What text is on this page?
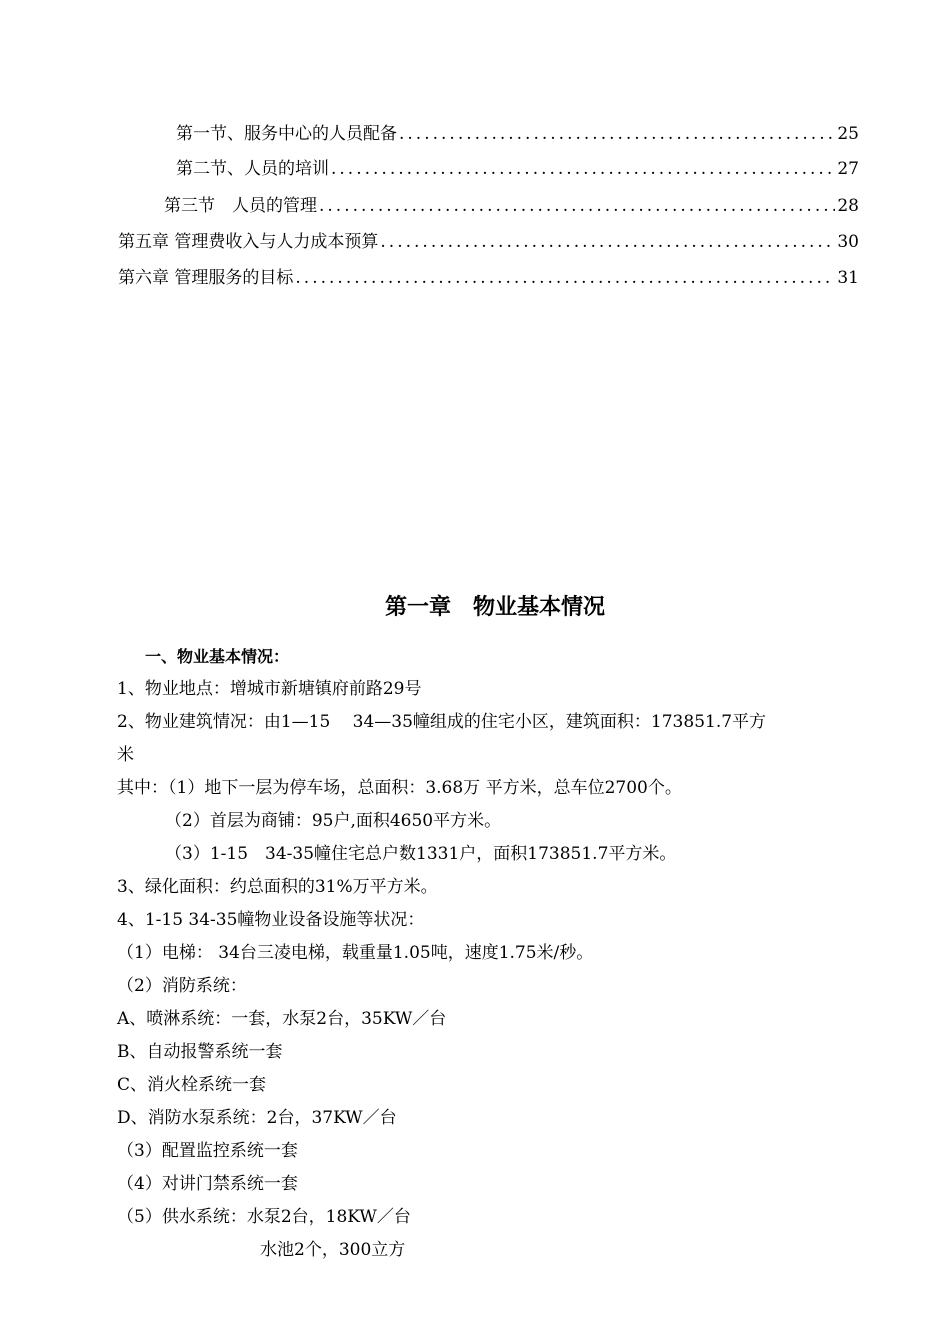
第一节、服务中心的人员配备 .....	25
第二节、人员的培训 .....	27
第三节　人员的管理 .....	28
第五章 管理费收入与人力成本预算 .....	30
第六章 管理服务的目标 .....	31
第一章　物业基本情况
一、物业基本情况：
1、物业地点：增城市新塘镇府前路29号
2、物业建筑情况：由1—15　 34—35幢组成的住宅小区，建筑面积：173851.7平方
米
其中：（1）地下一层为停车场，总面积：3.68万 平方米，总车位2700个。
（2）首层为商铺：95户,面积4650平方米。
（3）1-15　34-35幢住宅总户数1331户，面积173851.7平方米。
3、绿化面积：约总面积的31%万平方米。
4、1-15 34-35幢物业设备设施等状况：
（1）电梯： 34台三凌电梯，载重量1.05吨，速度1.75米/秒。
（2）消防系统：
A、喷淋系统：一套，水泵2台，35KW／台
B、自动报警系统一套
C、消火栓系统一套
D、消防水泵系统：2台，37KW／台
（3）配置监控系统一套
（4）对讲门禁系统一套
（5）供水系统：水泵2台，18KW／台
水池2个，300立方
